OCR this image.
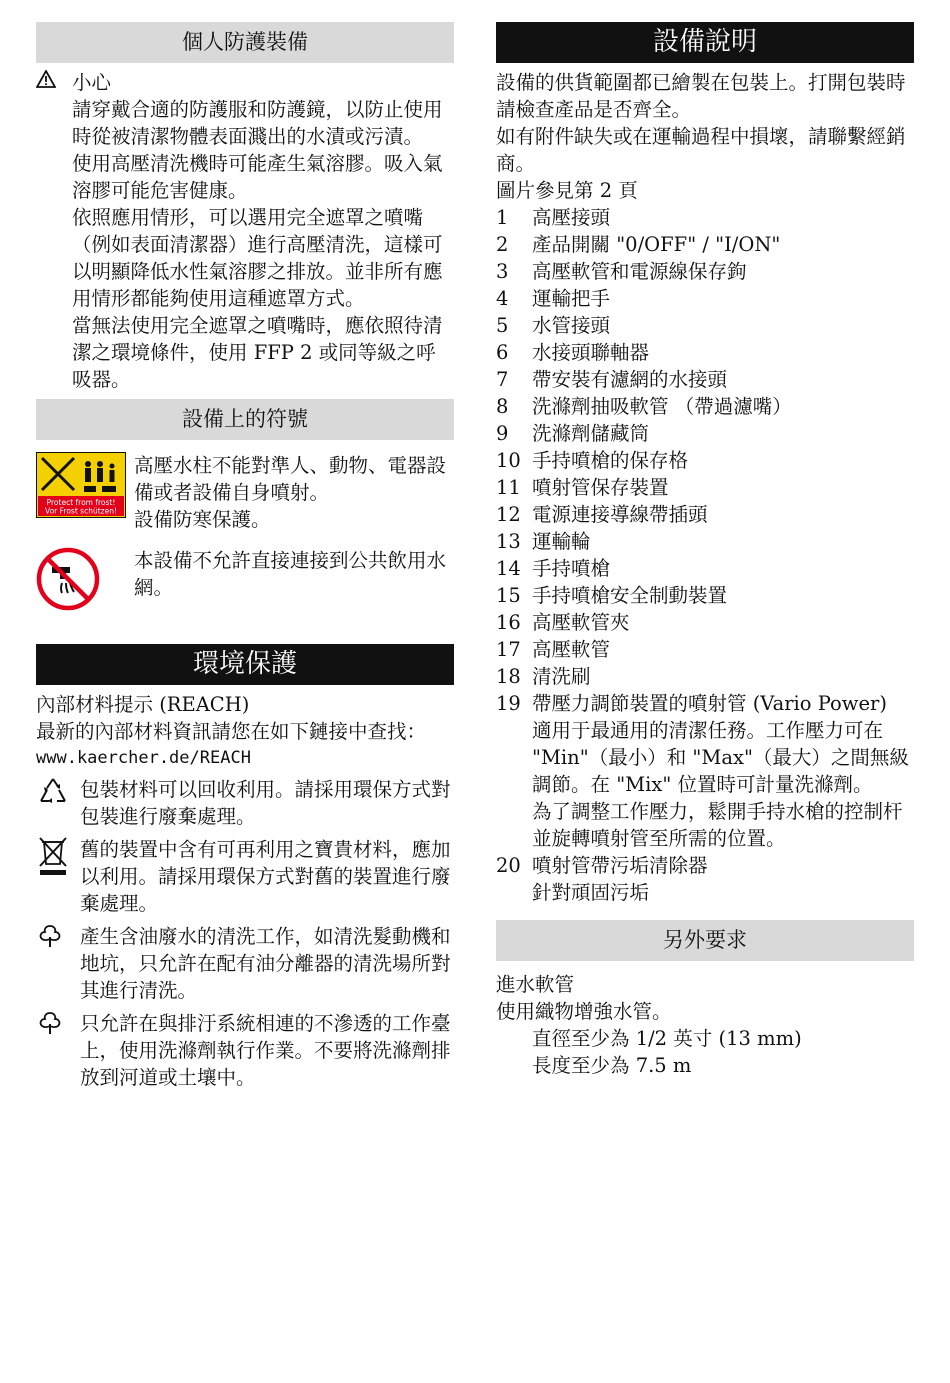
個人防護裝備
小心

請穿戴合適的防護服和防護鏡，以防止使用時從被清潔物體表面濺出的水漬或污漬。

使用高壓清洗機時可能產生氣溶膠。吸入氣溶膠可能危害健康。

依照應用情形，可以選用完全遮罩之噴嘴 （例如表面清潔器）進行高壓清洗，這樣可以明顯降低水性氣溶膠之排放。並非所有應用情形都能夠使用這種遮罩方式。

當無法使用完全遮罩之噴嘴時，應依照待清潔之環境條件，使用 FFP 2 或同等級之呼吸器。

設備上的符號
Protect from frost!
Vor Frost schützen!

高壓水柱不能對準人、動物、電器設備或者設備自身噴射。

設備防寒保護。

本設備不允許直接連接到公共飲用水網。

環境保護

內部材料提示 (REACH)

最新的內部材料資訊請您在如下鏈接中查找：

www.kaercher.de/REACH

包裝材料可以回收利用。請採用環保方式對包裝進行廢棄處理。
舊的裝置中含有可再利用之寶貴材料，應加以利用。請採用環保方式對舊的裝置進行廢棄處理。
產生含油廢水的清洗工作，如清洗髮動機和地坑，只允許在配有油分離器的清洗場所對其進行清洗。
只允許在與排汙系統相連的不滲透的工作臺上，使用洗滌劑執行作業。不要將洗滌劑排放到河道或土壤中。
設備說明

設備的供貨範圍都已繪製在包裝上。打開包裝時請檢查產品是否齊全。

如有附件缺失或在運輸過程中損壞，請聯繫經銷商。

圖片參見第 2 頁

1	高壓接頭
2	產品開關 "0/OFF" / "I/ON"
3	高壓軟管和電源線保存鉤
4	運輸把手
5	水管接頭
6	水接頭聯軸器
7	帶安裝有濾網的水接頭
8	洗滌劑抽吸軟管 （帶過濾嘴）
9	洗滌劑儲藏筒
10 手持噴槍的保存格
11 噴射管保存裝置
12 電源連接導線帶插頭
13 運輸輪
14 手持噴槍
15 手持噴槍安全制動裝置
16 高壓軟管夾
17 高壓軟管
18 清洗刷
19 帶壓力調節裝置的噴射管 (Vario Power)

適用于最通用的清潔任務。工作壓力可在 "Min"（最小）和 "Max"（最大）之間無級調節。在 "Mix" 位置時可計量洗滌劑。

為了調整工作壓力，鬆開手持水槍的控制杆並旋轉噴射管至所需的位置。

20 噴射管帶污垢清除器

針對頑固污垢

另外要求

進水軟管

使用織物增強水管。

直徑至少為 1/2 英寸 (13 mm)

長度至少為 7.5 m
